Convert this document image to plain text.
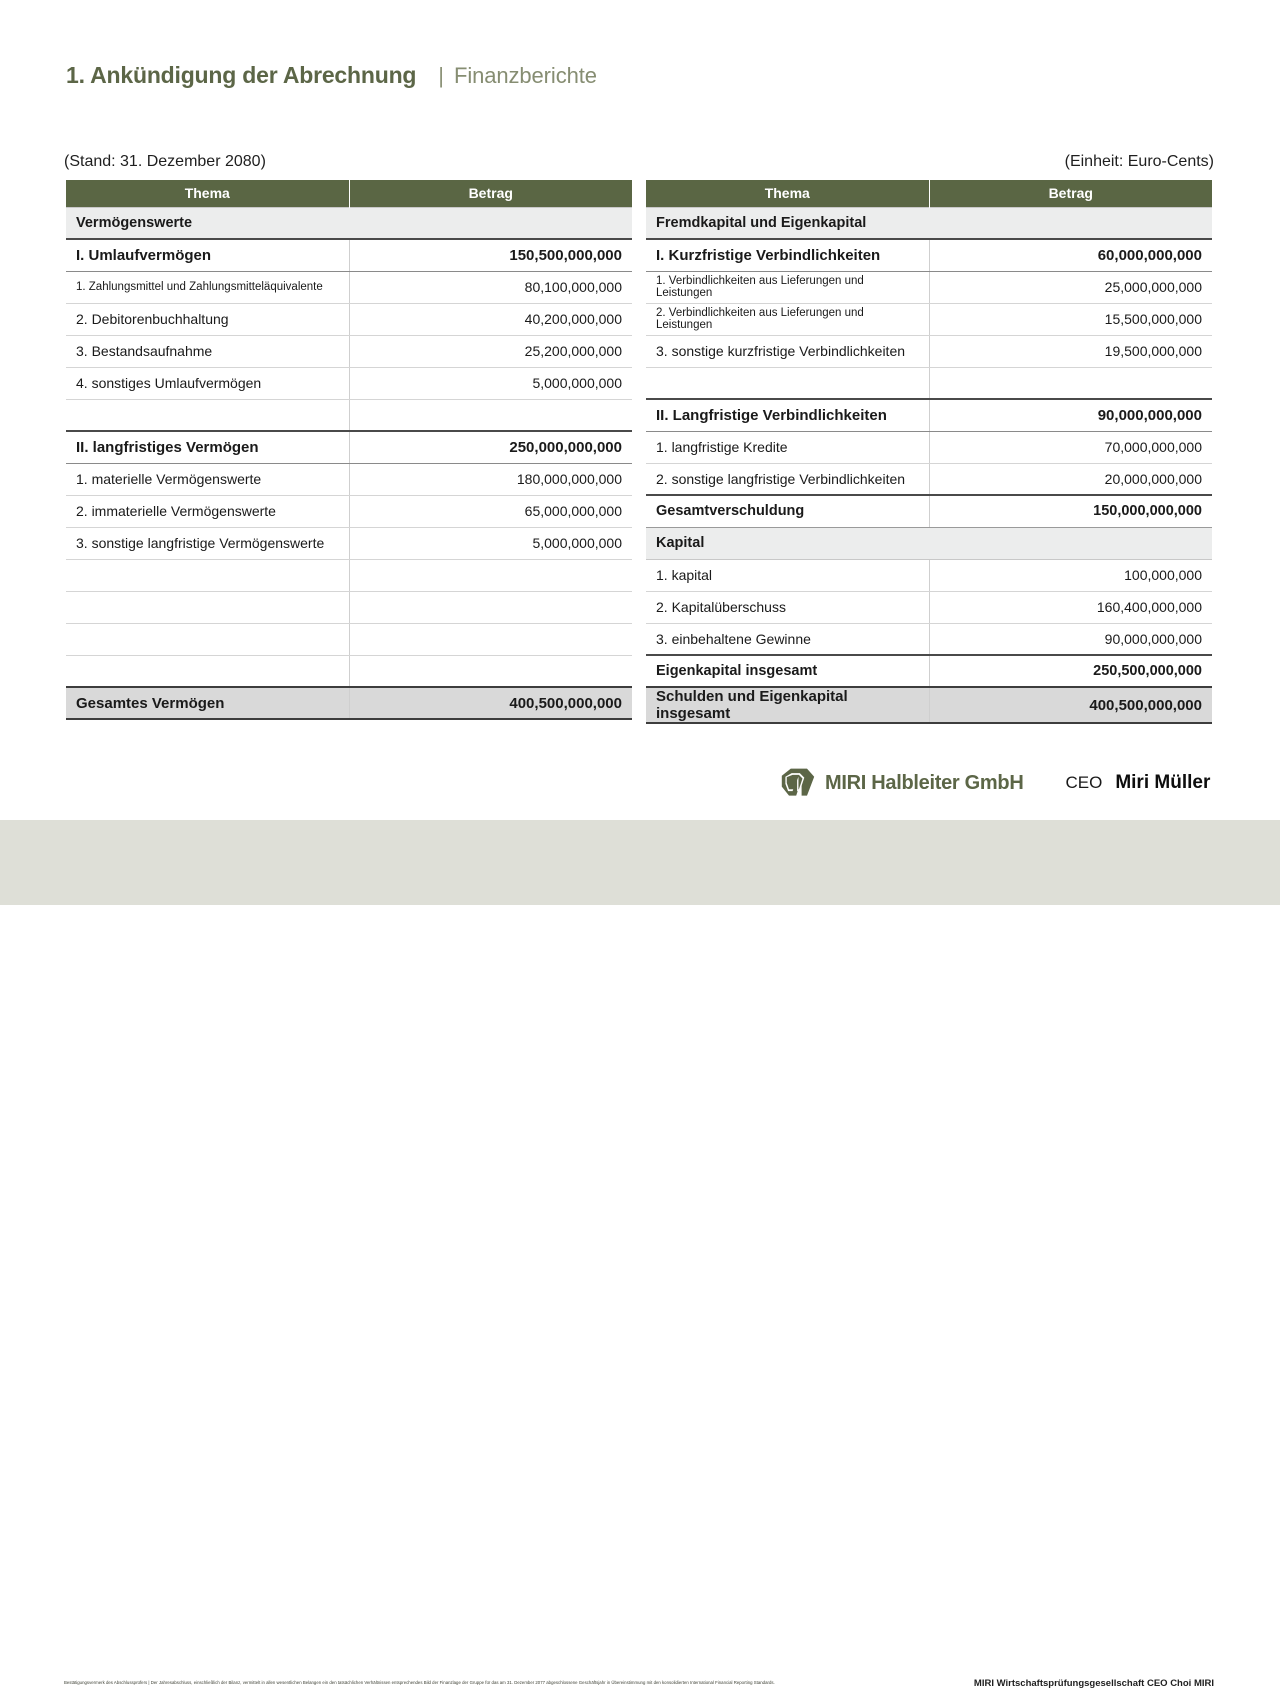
1. Ankündigung der Abrechnung | Finanzberichte
(Stand: 31. Dezember 2080)	(Einheit: Euro-Cents)
Thema	Betrag
Vermögenswerte	
I. Umlaufvermögen	150,500,000,000
1. Zahlungsmittel und Zahlungsmitteläquivalente	80,100,000,000
2. Debitorenbuchhaltung	40,200,000,000
3. Bestandsaufnahme	25,200,000,000
4. sonstiges Umlaufvermögen	5,000,000,000

II. langfristiges Vermögen	250,000,000,000
1. materielle Vermögenswerte	180,000,000,000
2. immaterielle Vermögenswerte	65,000,000,000
3. sonstige langfristige Vermögenswerte	5,000,000,000

Gesamtes Vermögen	400,500,000,000
Thema	Betrag
Fremdkapital und Eigenkapital	
I. Kurzfristige Verbindlichkeiten	60,000,000,000
1. Verbindlichkeiten aus Lieferungen und Leistungen	25,000,000,000
2. Verbindlichkeiten aus Lieferungen und Leistungen	15,500,000,000
3. sonstige kurzfristige Verbindlichkeiten	19,500,000,000

II. Langfristige Verbindlichkeiten	90,000,000,000
1. langfristige Kredite	70,000,000,000
2. sonstige langfristige Verbindlichkeiten	20,000,000,000
Gesamtverschuldung	150,000,000,000
Kapital	
1. kapital	100,000,000
2. Kapitalüberschuss	160,400,000,000
3. einbehaltene Gewinne	90,000,000,000
Eigenkapital insgesamt	250,500,000,000
Schulden und Eigenkapital insgesamt	400,500,000,000
MIRI Halbleiter GmbH CEO Miri Müller
Bestätigungsvermerk des Abschlussprüfers | Der Jahresabschluss, einschließlich der Bilanz, vermittelt in allen wesentlichen Belangen ein den tatsächlichen Verhältnissen entsprechendes Bild der Finanzlage der Gruppe für das am 31. Dezember 2077 abgeschlossene Geschäftsjahr in Übereinstimmung mit den konsolidierten International Financial Reporting Standards.	MIRI Wirtschaftsprüfungsgesellschaft CEO Choi MIRI
